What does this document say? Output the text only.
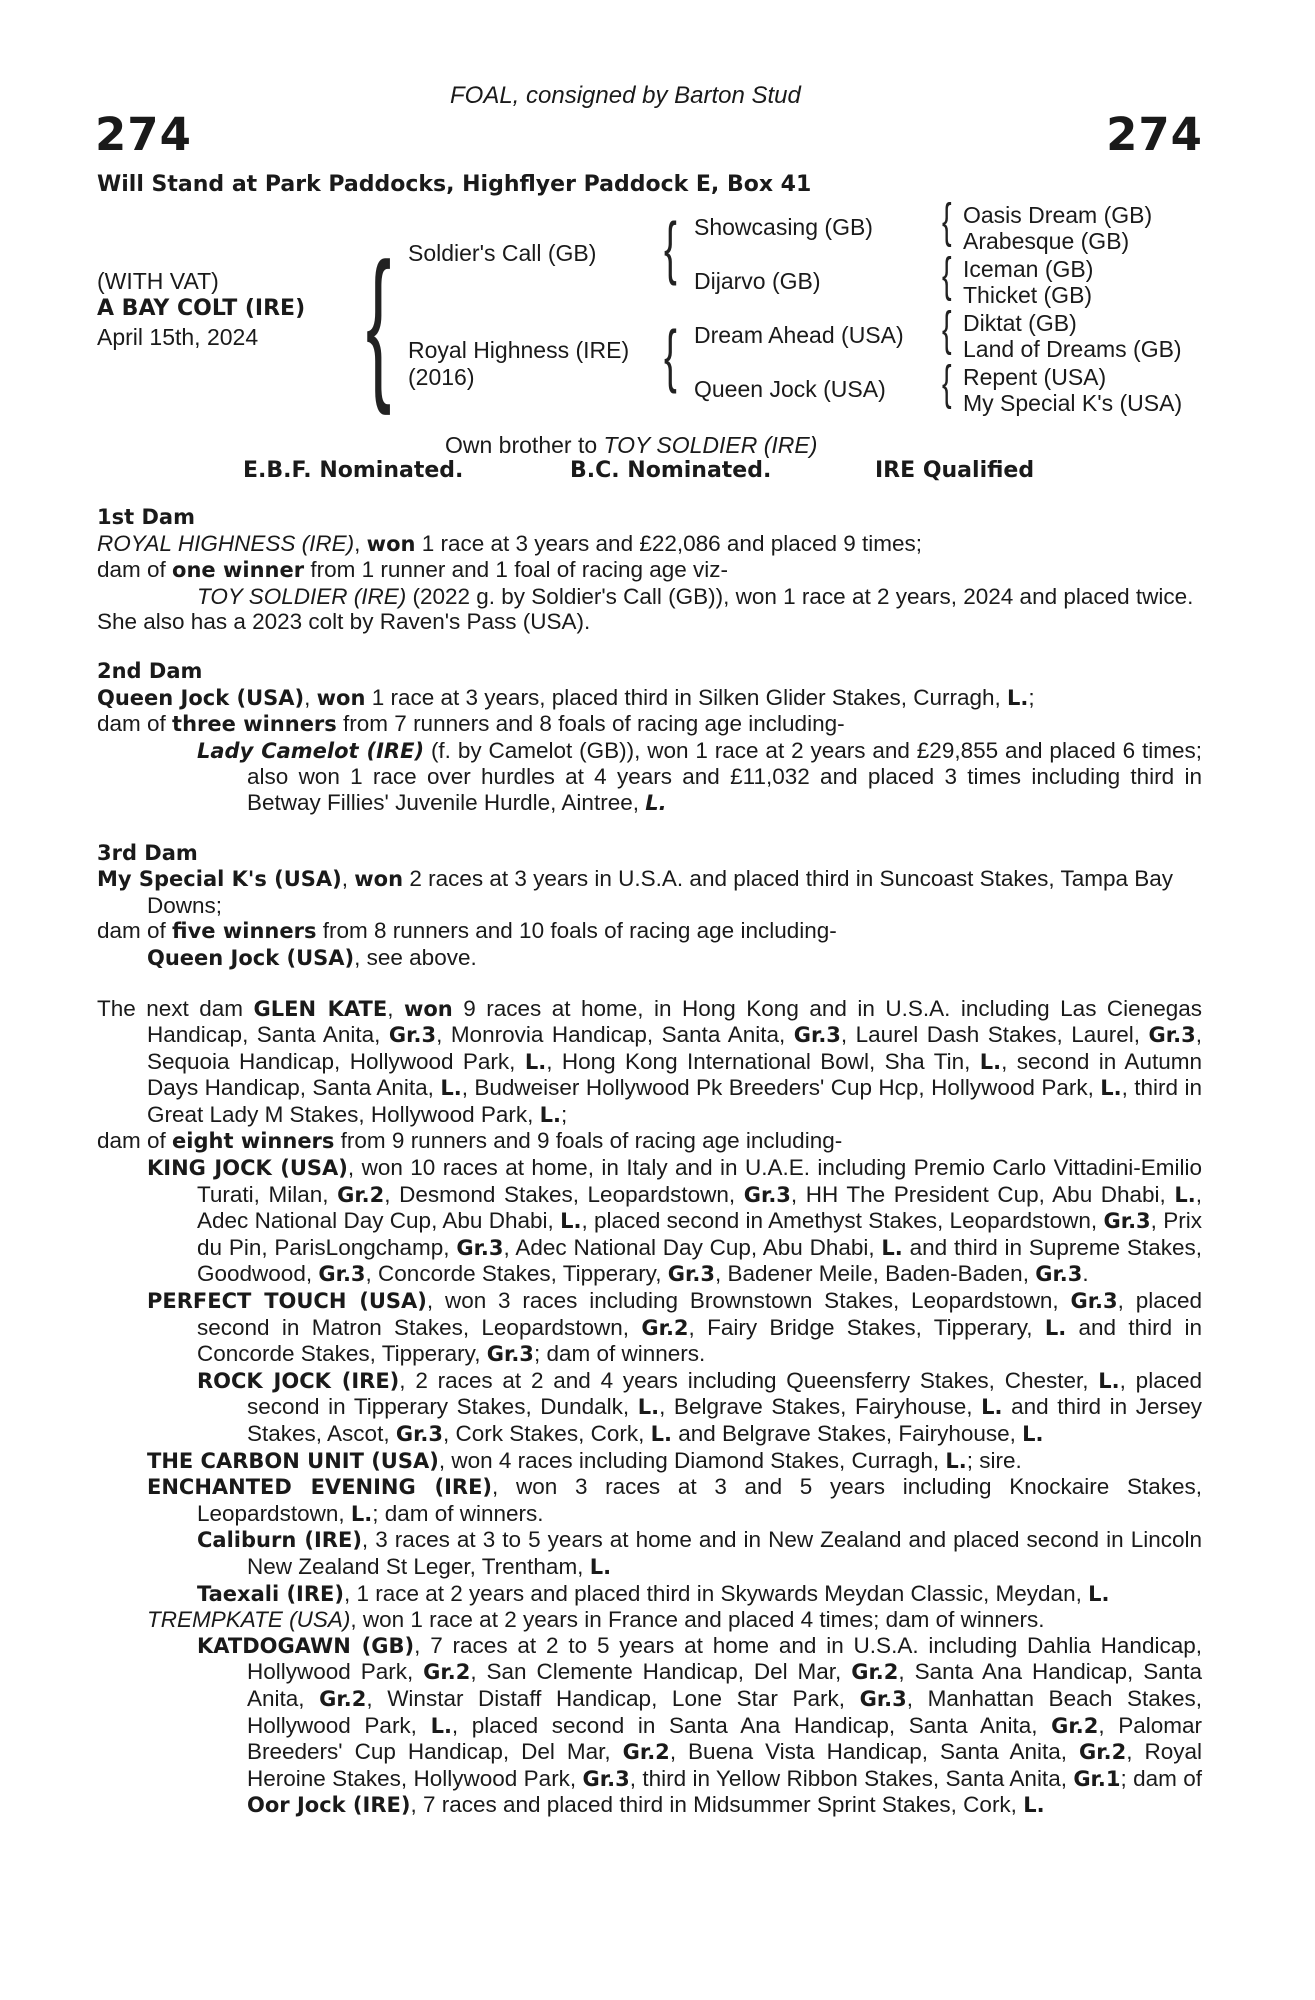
FOAL, consigned by Barton Stud
274	274
Will Stand at Park Paddocks, Highflyer Paddock E, Box 41
(WITH VAT)
A BAY COLT (IRE)
April 15th, 2024 { Soldier's Call (GB)
Royal Highness (IRE)
(2016)
{
{
Showcasing (GB)
Dijarvo (GB)
Dream Ahead (USA)
Queen Jock (USA)
{
{
{
{
Oasis Dream (GB)
Arabesque (GB)
Iceman (GB)
Thicket (GB)
Diktat (GB)
Land of Dreams (GB)
Repent (USA)
My Special K's (USA)
Own brother to TOY SOLDIER (IRE)
E.B.F. Nominated.	B.C. Nominated.	IRE Qualified

1st Dam

ROYAL HIGHNESS (IRE), won 1 race at 3 years and £22,086 and placed 9 times;

dam of one winner from 1 runner and 1 foal of racing age viz-

TOY SOLDIER (IRE) (2022 g. by Soldier's Call (GB)), won 1 race at 2 years, 2024 and placed twice.

She also has a 2023 colt by Raven's Pass (USA).

2nd Dam

Queen Jock (USA), won 1 race at 3 years, placed third in Silken Glider Stakes, Curragh, L.;

dam of three winners from 7 runners and 8 foals of racing age including-

Lady Camelot (IRE) (f. by Camelot (GB)), won 1 race at 2 years and £29,855 and placed 6 times; also won 1 race over hurdles at 4 years and £11,032 and placed 3 times including third in Betway Fillies' Juvenile Hurdle, Aintree, L.

3rd Dam

My Special K's (USA), won 2 races at 3 years in U.S.A. and placed third in Suncoast Stakes, Tampa Bay Downs;

dam of five winners from 8 runners and 10 foals of racing age including-

Queen Jock (USA), see above.

The next dam GLEN KATE, won 9 races at home, in Hong Kong and in U.S.A. including Las Cienegas Handicap, Santa Anita, Gr.3, Monrovia Handicap, Santa Anita, Gr.3, Laurel Dash Stakes, Laurel, Gr.3, Sequoia Handicap, Hollywood Park, L., Hong Kong International Bowl, Sha Tin, L., second in Autumn Days Handicap, Santa Anita, L., Budweiser Hollywood Pk Breeders' Cup Hcp, Hollywood Park, L., third in Great Lady M Stakes, Hollywood Park, L.;

dam of eight winners from 9 runners and 9 foals of racing age including-

KING JOCK (USA), won 10 races at home, in Italy and in U.A.E. including Premio Carlo Vittadini-Emilio Turati, Milan, Gr.2, Desmond Stakes, Leopardstown, Gr.3, HH The President Cup, Abu Dhabi, L., Adec National Day Cup, Abu Dhabi, L., placed second in Amethyst Stakes, Leopardstown, Gr.3, Prix du Pin, ParisLongchamp, Gr.3, Adec National Day Cup, Abu Dhabi, L. and third in Supreme Stakes, Goodwood, Gr.3, Concorde Stakes, Tipperary, Gr.3, Badener Meile, Baden-Baden, Gr.3.

PERFECT TOUCH (USA), won 3 races including Brownstown Stakes, Leopardstown, Gr.3, placed second in Matron Stakes, Leopardstown, Gr.2, Fairy Bridge Stakes, Tipperary, L. and third in Concorde Stakes, Tipperary, Gr.3; dam of winners.

ROCK JOCK (IRE), 2 races at 2 and 4 years including Queensferry Stakes, Chester, L., placed second in Tipperary Stakes, Dundalk, L., Belgrave Stakes, Fairyhouse, L. and third in Jersey Stakes, Ascot, Gr.3, Cork Stakes, Cork, L. and Belgrave Stakes, Fairyhouse, L.

THE CARBON UNIT (USA), won 4 races including Diamond Stakes, Curragh, L.; sire.

ENCHANTED EVENING (IRE), won 3 races at 3 and 5 years including Knockaire Stakes, Leopardstown, L.; dam of winners.

Caliburn (IRE), 3 races at 3 to 5 years at home and in New Zealand and placed second in Lincoln New Zealand St Leger, Trentham, L.

Taexali (IRE), 1 race at 2 years and placed third in Skywards Meydan Classic, Meydan, L.

TREMPKATE (USA), won 1 race at 2 years in France and placed 4 times; dam of winners.

KATDOGAWN (GB), 7 races at 2 to 5 years at home and in U.S.A. including Dahlia Handicap, Hollywood Park, Gr.2, San Clemente Handicap, Del Mar, Gr.2, Santa Ana Handicap, Santa Anita, Gr.2, Winstar Distaff Handicap, Lone Star Park, Gr.3, Manhattan Beach Stakes, Hollywood Park, L., placed second in Santa Ana Handicap, Santa Anita, Gr.2, Palomar Breeders' Cup Handicap, Del Mar, Gr.2, Buena Vista Handicap, Santa Anita, Gr.2, Royal Heroine Stakes, Hollywood Park, Gr.3, third in Yellow Ribbon Stakes, Santa Anita, Gr.1; dam of Oor Jock (IRE), 7 races and placed third in Midsummer Sprint Stakes, Cork, L.
